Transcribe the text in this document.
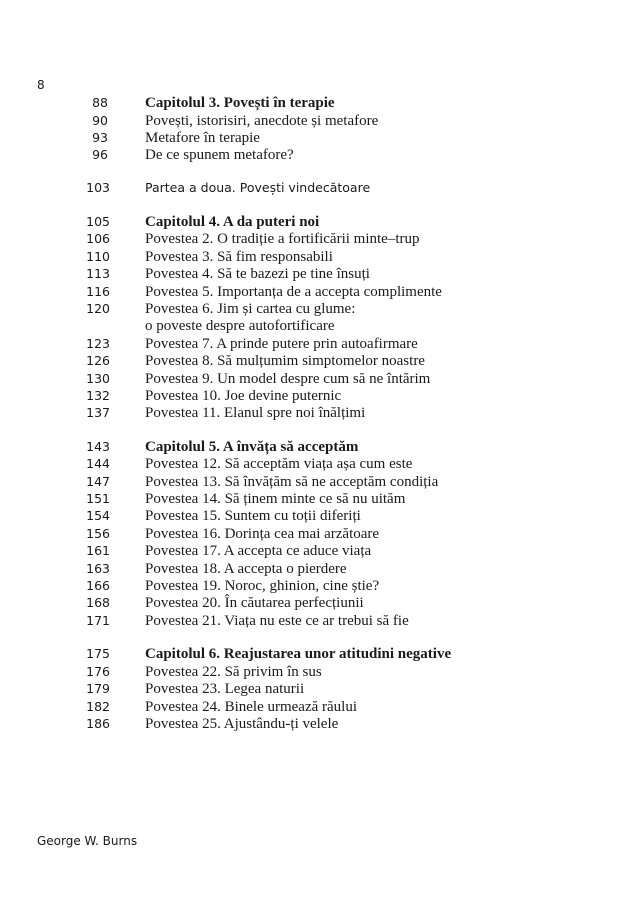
8
88 Capitolul 3. Povești în terapie
90 Povești, istorisiri, anecdote și metafore
93 Metafore în terapie
96 De ce spunem metafore?
103	Partea a doua. Povești vindecătoare
105 Capitolul 4. A da puteri noi
106 Povestea 2. O tradiție a fortificării minte–trup
110 Povestea 3. Să fim responsabili
113 Povestea 4. Să te bazezi pe tine însuți
116 Povestea 5. Importanța de a accepta complimente
120 Povestea 6. Jim și cartea cu glume:
o poveste despre autofortificare
123 Povestea 7. A prinde putere prin autoafirmare
126 Povestea 8. Să mulțumim simptomelor noastre
130 Povestea 9. Un model despre cum să ne întărim
132 Povestea 10. Joe devine puternic
137 Povestea 11. Elanul spre noi înălțimi
143 Capitolul 5. A învăța să acceptăm
144 Povestea 12. Să acceptăm viața așa cum este
147 Povestea 13. Să învățăm să ne acceptăm condiția
151 Povestea 14. Să ținem minte ce să nu uităm
154 Povestea 15. Suntem cu toții diferiți
156 Povestea 16. Dorința cea mai arzătoare
161 Povestea 17. A accepta ce aduce viața
163 Povestea 18. A accepta o pierdere
166 Povestea 19. Noroc, ghinion, cine știe?
168 Povestea 20. În căutarea perfecțiunii
171 Povestea 21. Viața nu este ce ar trebui să fie
175 Capitolul 6. Reajustarea unor atitudini negative
176 Povestea 22. Să privim în sus
179 Povestea 23. Legea naturii
182 Povestea 24. Binele urmează răului
186 Povestea 25. Ajustându-ți velele
George W. Burns
